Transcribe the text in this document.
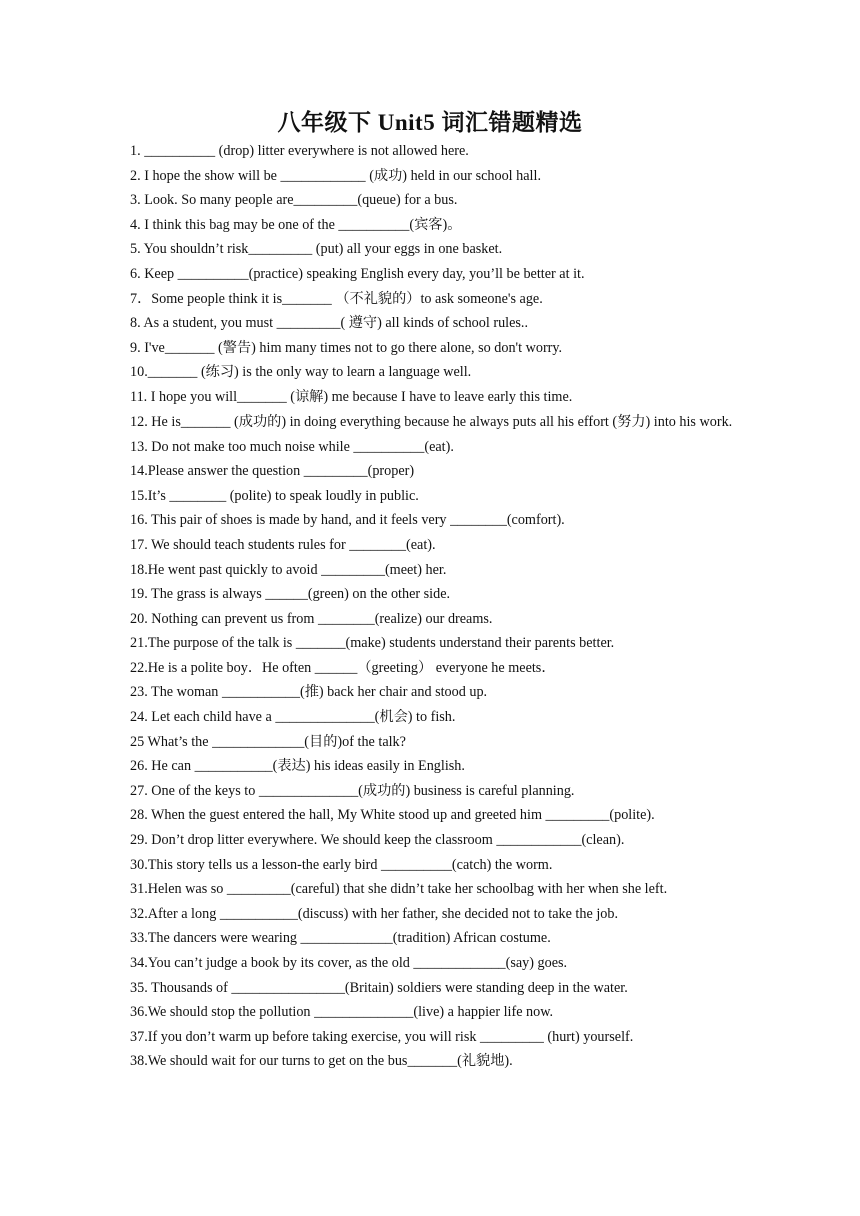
八年级下 Unit5 词汇错题精选
1. __________ (drop) litter everywhere is not allowed here.
2. I hope the show will be ____________ (成功) held in our school hall.
3. Look. So many people are_________(queue) for a bus.
4. I think this bag may be one of the __________(宾客)。
5. You shouldn’t risk_________ (put) all your eggs in one basket.
6. Keep __________(practice) speaking English every day, you’ll be better at it.
7．Some people think it is_______ （不礼貌的）to ask someone's age.
8. As a student, you must _________( 遵守) all kinds of school rules..
9. I've_______ (警告) him many times not to go there alone, so don't worry.
10._______ (练习) is the only way to learn a language well.
11. I hope you will_______ (谅解) me because I have to leave early this time.
12. He is_______ (成功的) in doing everything because he always puts all his effort (努力) into his work.
13. Do not make too much noise while __________(eat).
14.Please answer the question _________(proper)
15.It’s ________ (polite) to speak loudly in public.
16. This pair of shoes is made by hand, and it feels very ________(comfort).
17. We should teach students rules for ________(eat).
18.He went past quickly to avoid _________(meet) her.
19. The grass is always ______(green) on the other side.
20. Nothing can prevent us from ________(realize) our dreams.
21.The purpose of the talk is _______(make) students understand their parents better.
22.He is a polite boy．He often ______（greeting） everyone he meets．
23. The woman ___________(推) back her chair and stood up.
24. Let each child have a ______________(机会) to fish.
25 What’s the _____________(目的)of the talk?
26. He can ___________(表达) his ideas easily in English.
27. One of the keys to ______________(成功的) business is careful planning.
28. When the guest entered the hall, My White stood up and greeted him _________(polite).
29. Don’t drop litter everywhere. We should keep the classroom ____________(clean).
30.This story tells us a lesson-the early bird __________(catch) the worm.
31.Helen was so _________(careful) that she didn’t take her schoolbag with her when she left.
32.After a long ___________(discuss) with her father, she decided not to take the job.
33.The dancers were wearing _____________(tradition) African costume.
34.You can’t judge a book by its cover, as the old _____________(say) goes.
35. Thousands of ________________(Britain) soldiers were standing deep in the water.
36.We should stop the pollution ______________(live) a happier life now.
37.If you don’t warm up before taking exercise, you will risk _________ (hurt) yourself.
38.We should wait for our turns to get on the bus_______(礼貌地).
